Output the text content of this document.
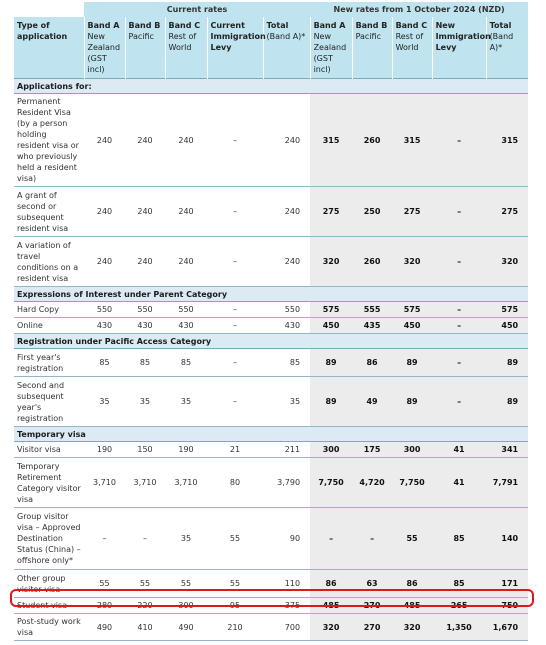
	Current rates					New rates from 1 October 2024 (NZD)				
Type of application	Band A New Zealand (GST incl)	Band B Pacific	Band C Rest of World	Current Immigration Levy	Total (Band A)*	Band A New Zealand (GST incl)	Band B Pacific	Band C Rest of World	New Immigration Levy	Total (Band A)*
Applications for:										
Permanent Resident Visa (by a person holding resident visa or who previously held a resident visa)	240	240	240	–	240	315	260	315	–	315
A grant of second or subsequent resident visa	240	240	240	–	240	275	250	275	–	275
A variation of travel conditions on a resident visa	240	240	240	–	240	320	260	320	–	320
Expressions of Interest under Parent Category										
Hard Copy	550	550	550	–	550	575	555	575	–	575
Online	430	430	430	–	430	450	435	450	–	450
Registration under Pacific Access Category										
First year's registration	85	85	85	–	85	89	86	89	–	89
Second and subsequent year's registration	35	35	35	–	35	89	49	89	–	89
Temporary visa										
Visitor visa	190	150	190	21	211	300	175	300	41	341
Temporary Retirement Category visitor visa	3,710	3,710	3,710	80	3,790	7,750	4,720	7,750	41	7,791
Group visitor visa – Approved Destination Status (China) – offshore only*	–	–	35	55	90	–	–	55	85	140
Other group visitor visa	55	55	55	55	110	86	63	86	85	171
Student visa	280	220	300	95	375	485	270	485	265	750
Post-study work visa	490	410	490	210	700	320	270	320	1,350	1,670
